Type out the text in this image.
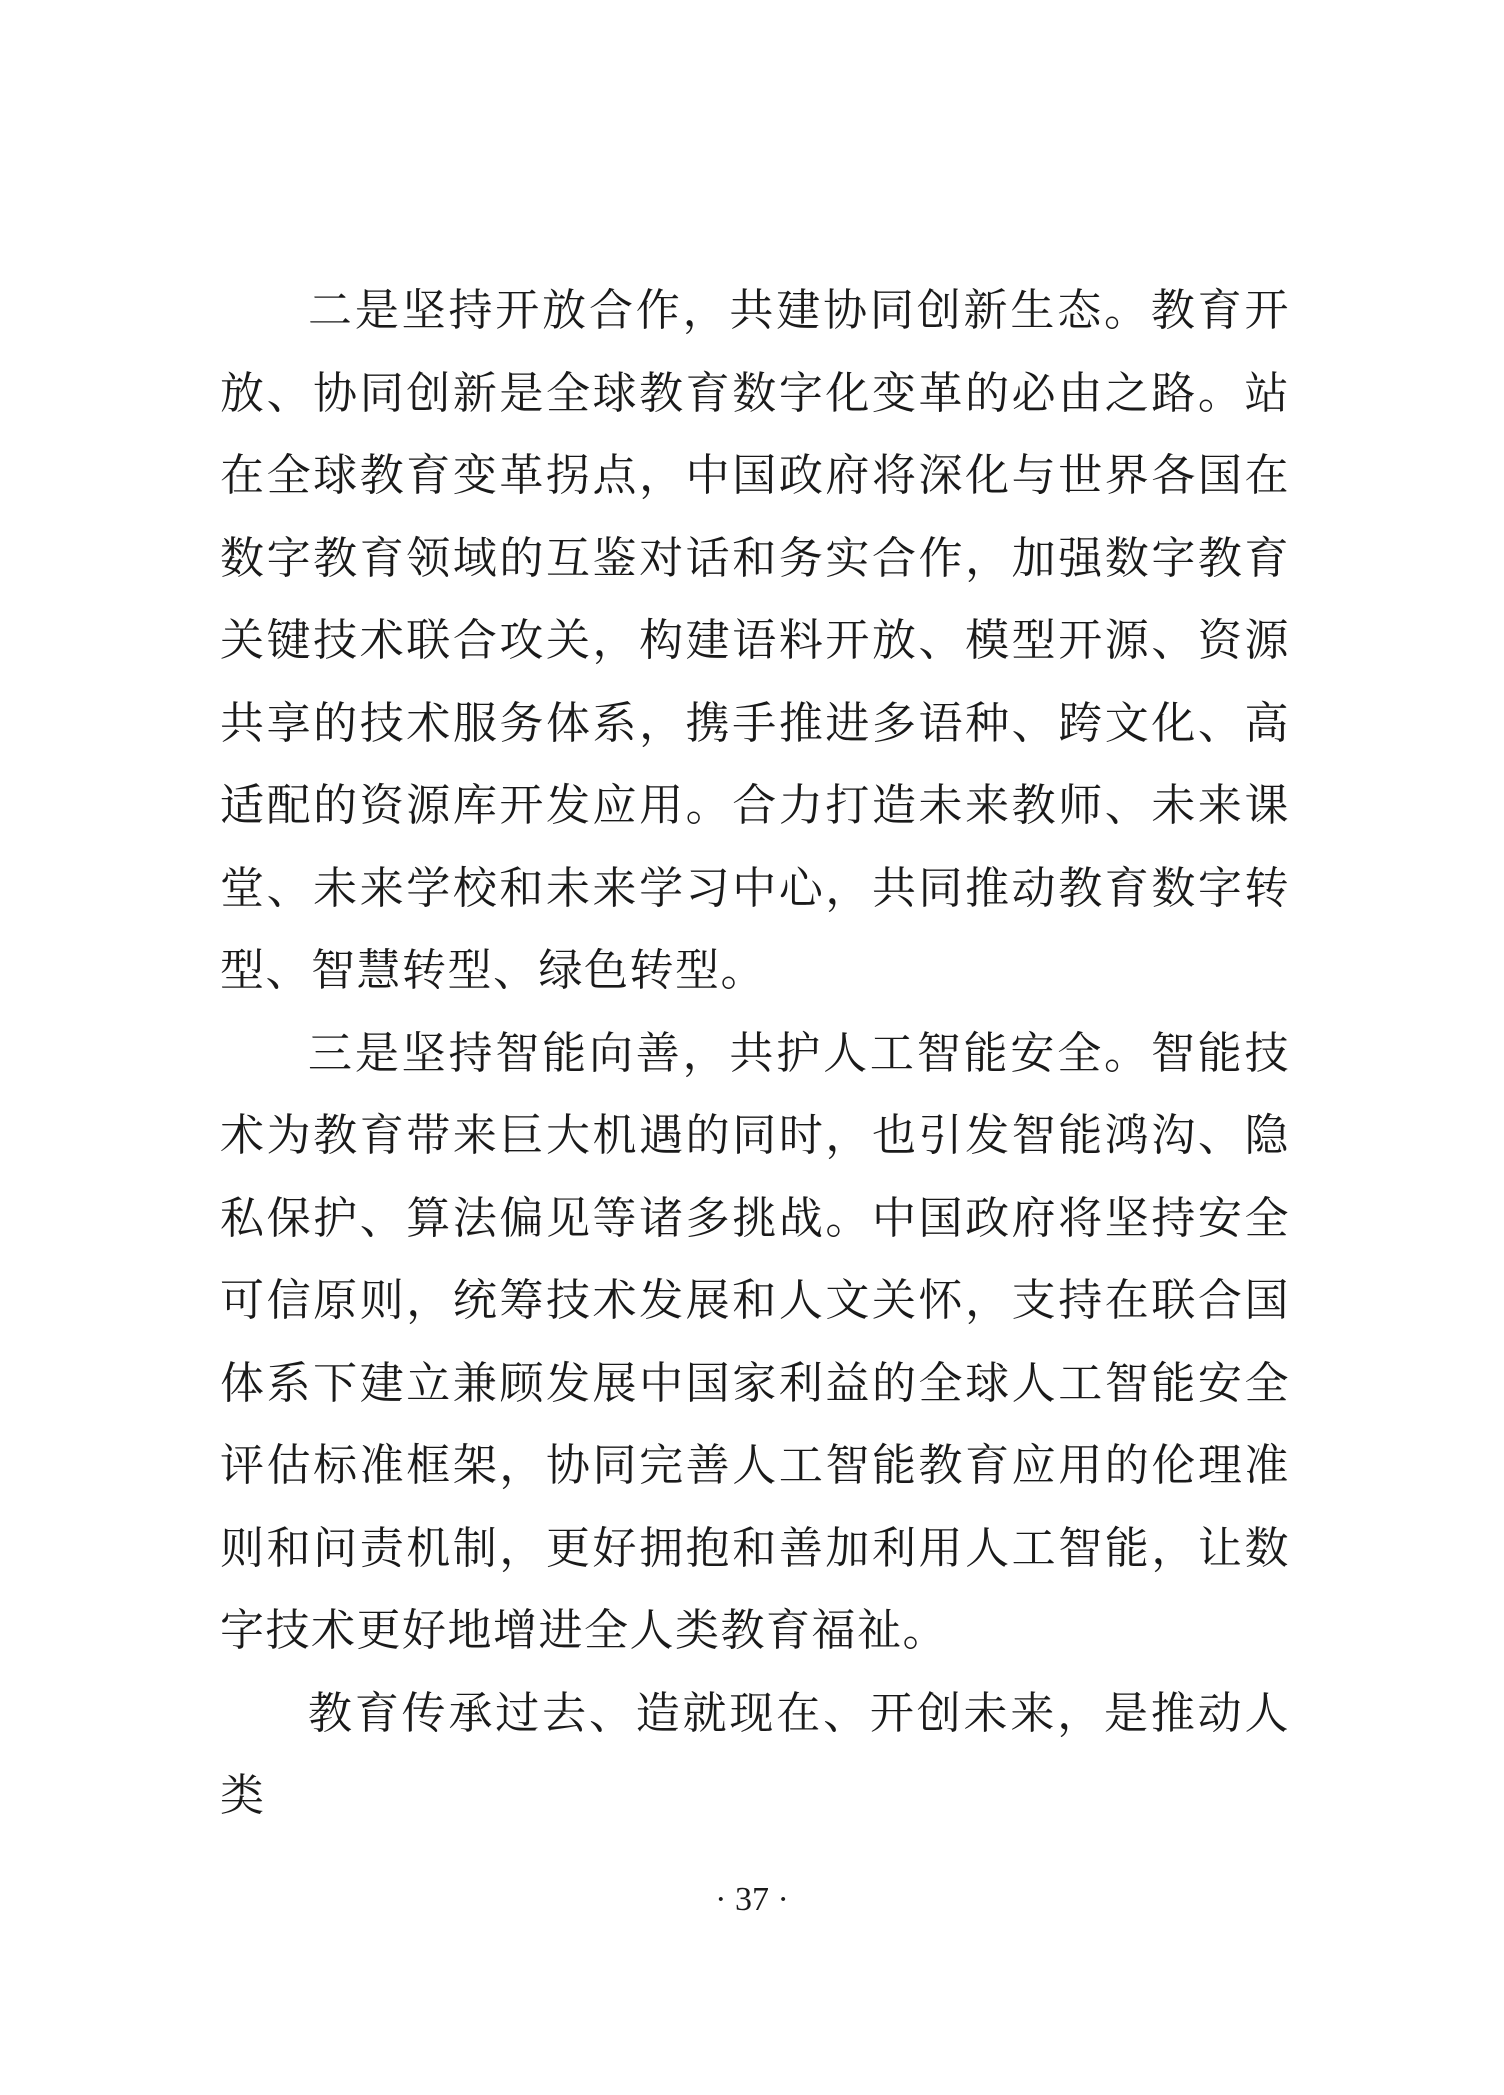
二是坚持开放合作，共建协同创新生态。教育开放、协同创新是全球教育数字化变革的必由之路。站在全球教育变革拐点，中国政府将深化与世界各国在数字教育领域的互鉴对话和务实合作，加强数字教育关键技术联合攻关，构建语料开放、模型开源、资源共享的技术服务体系，携手推进多语种、跨文化、高适配的资源库开发应用。合力打造未来教师、未来课堂、未来学校和未来学习中心，共同推动教育数字转型、智慧转型、绿色转型。

三是坚持智能向善，共护人工智能安全。智能技术为教育带来巨大机遇的同时，也引发智能鸿沟、隐私保护、算法偏见等诸多挑战。中国政府将坚持安全可信原则，统筹技术发展和人文关怀，支持在联合国体系下建立兼顾发展中国家利益的全球人工智能安全评估标准框架，协同完善人工智能教育应用的伦理准则和问责机制，更好拥抱和善加利用人工智能，让数字技术更好地增进全人类教育福祉。

教育传承过去、造就现在、开创未来，是推动人类

· 37 ·
